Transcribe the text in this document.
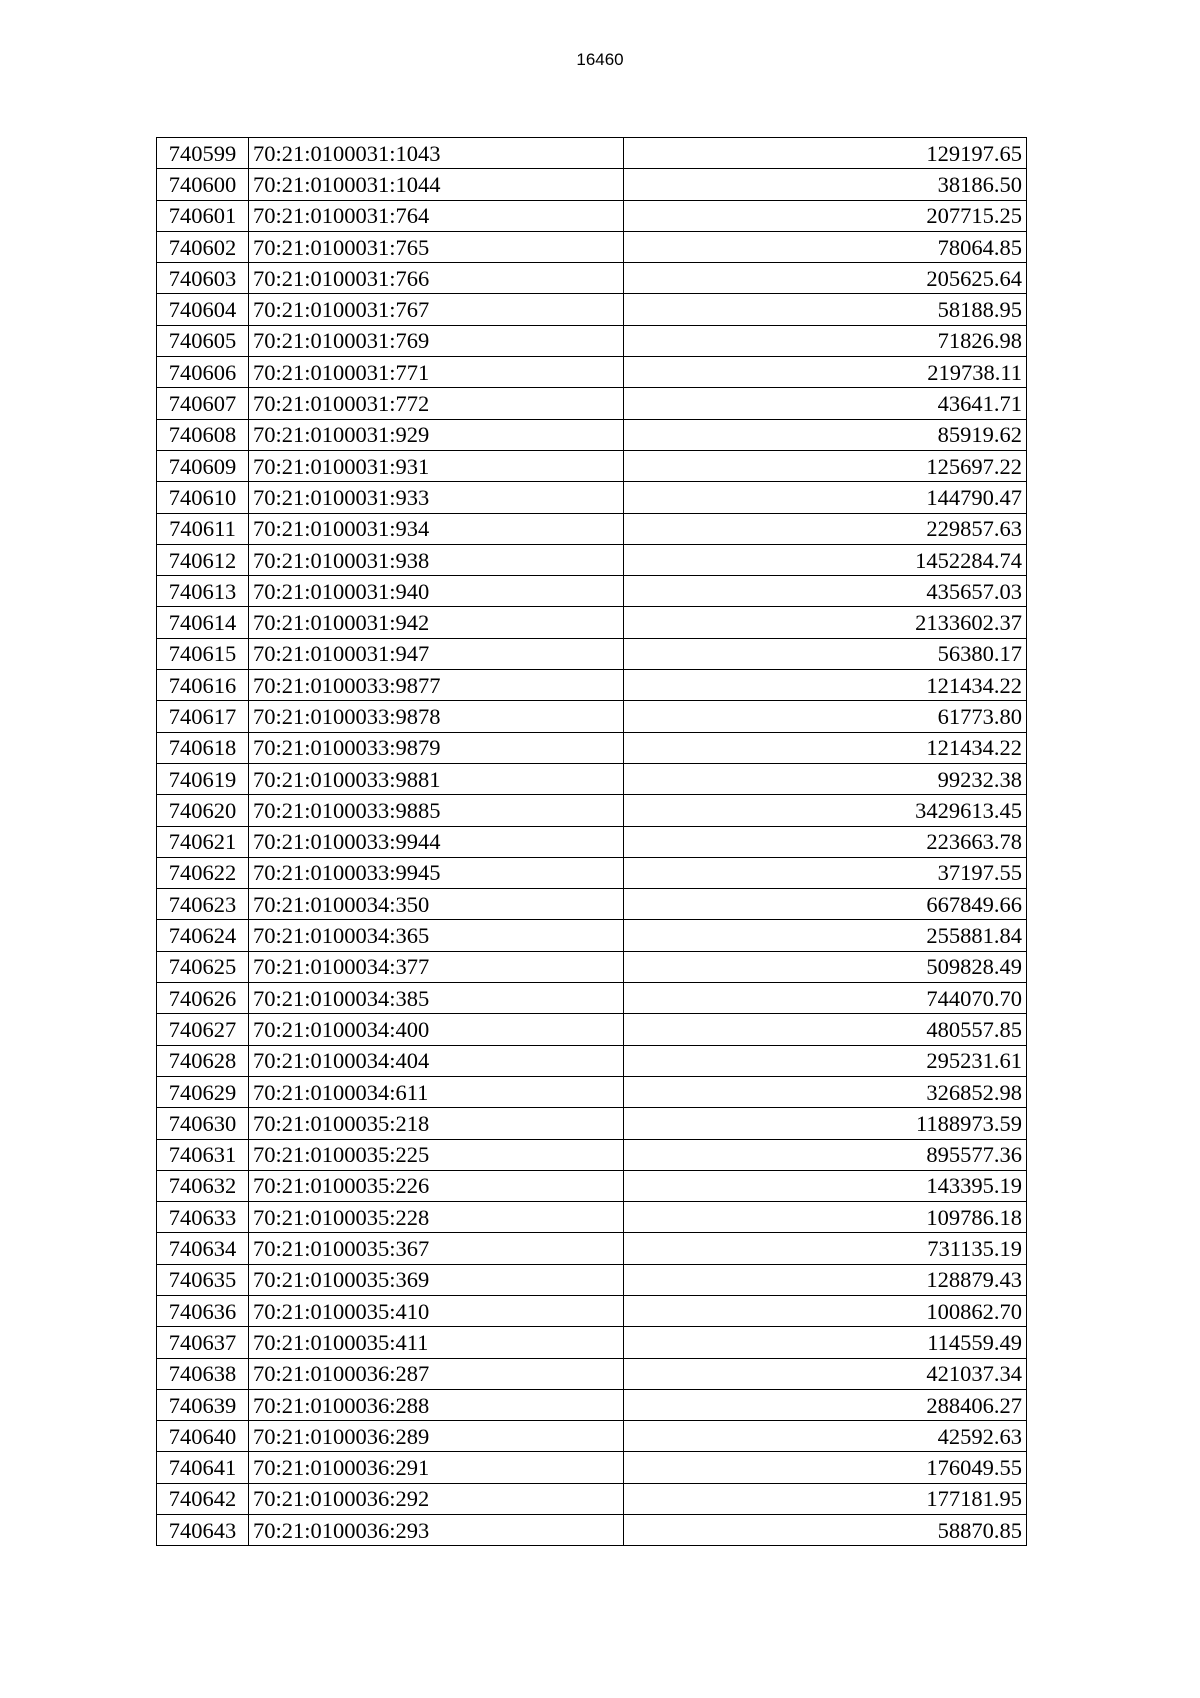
16460
740599	70:21:0100031:1043	129197.65
740600	70:21:0100031:1044	38186.50
740601	70:21:0100031:764	207715.25
740602	70:21:0100031:765	78064.85
740603	70:21:0100031:766	205625.64
740604	70:21:0100031:767	58188.95
740605	70:21:0100031:769	71826.98
740606	70:21:0100031:771	219738.11
740607	70:21:0100031:772	43641.71
740608	70:21:0100031:929	85919.62
740609	70:21:0100031:931	125697.22
740610	70:21:0100031:933	144790.47
740611	70:21:0100031:934	229857.63
740612	70:21:0100031:938	1452284.74
740613	70:21:0100031:940	435657.03
740614	70:21:0100031:942	2133602.37
740615	70:21:0100031:947	56380.17
740616	70:21:0100033:9877	121434.22
740617	70:21:0100033:9878	61773.80
740618	70:21:0100033:9879	121434.22
740619	70:21:0100033:9881	99232.38
740620	70:21:0100033:9885	3429613.45
740621	70:21:0100033:9944	223663.78
740622	70:21:0100033:9945	37197.55
740623	70:21:0100034:350	667849.66
740624	70:21:0100034:365	255881.84
740625	70:21:0100034:377	509828.49
740626	70:21:0100034:385	744070.70
740627	70:21:0100034:400	480557.85
740628	70:21:0100034:404	295231.61
740629	70:21:0100034:611	326852.98
740630	70:21:0100035:218	1188973.59
740631	70:21:0100035:225	895577.36
740632	70:21:0100035:226	143395.19
740633	70:21:0100035:228	109786.18
740634	70:21:0100035:367	731135.19
740635	70:21:0100035:369	128879.43
740636	70:21:0100035:410	100862.70
740637	70:21:0100035:411	114559.49
740638	70:21:0100036:287	421037.34
740639	70:21:0100036:288	288406.27
740640	70:21:0100036:289	42592.63
740641	70:21:0100036:291	176049.55
740642	70:21:0100036:292	177181.95
740643	70:21:0100036:293	58870.85
